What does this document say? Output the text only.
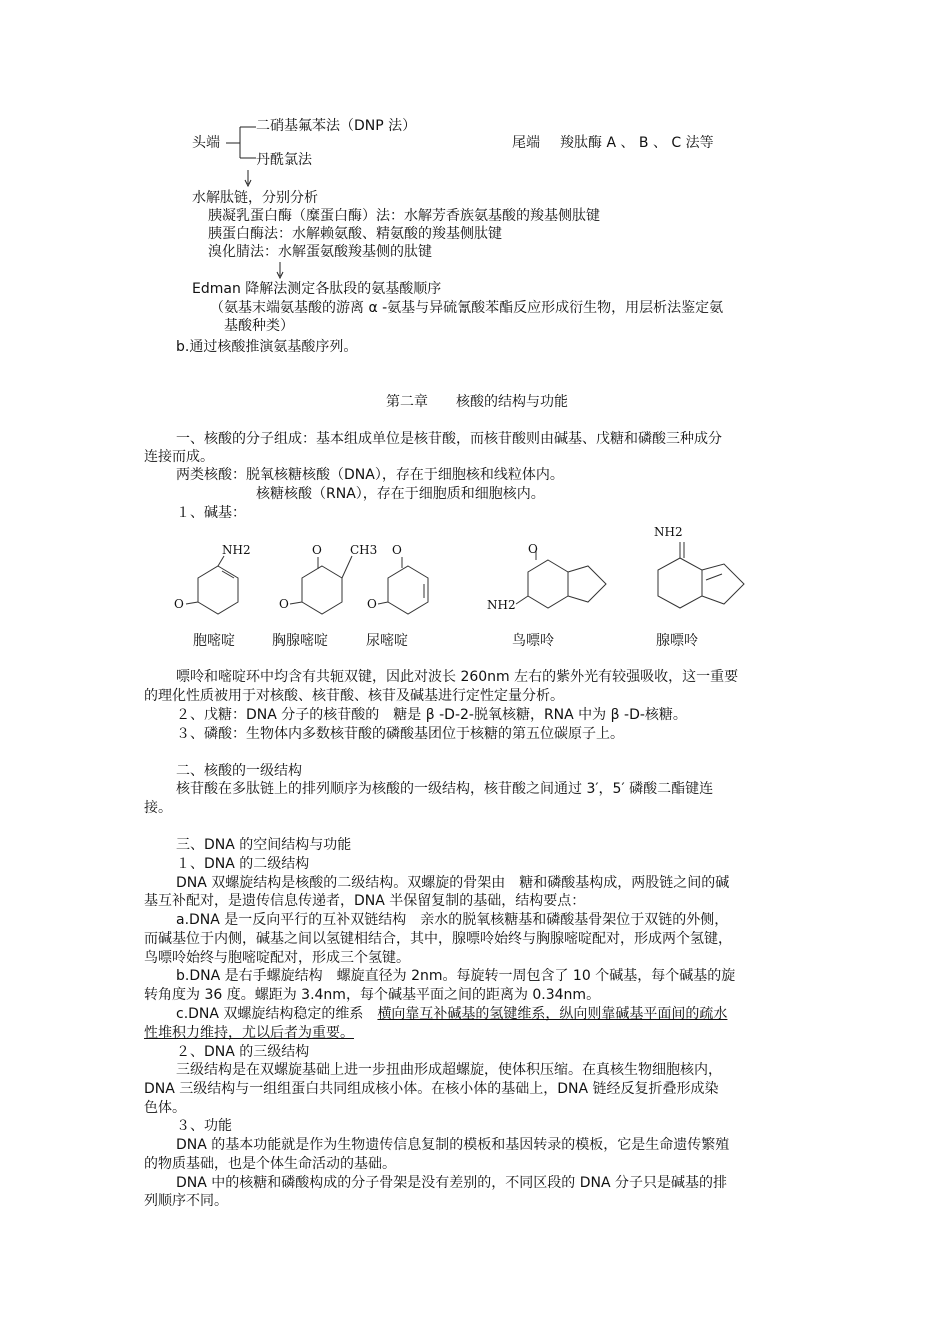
头端
二硝基氟苯法（DNP 法）
丹酰氯法
尾端 羧肽酶 A 、 B 、 C 法等
水解肽链，分别分析
胰凝乳蛋白酶（糜蛋白酶）法：水解芳香族氨基酸的羧基侧肽键
胰蛋白酶法：水解赖氨酸、精氨酸的羧基侧肽键
溴化腈法：水解蛋氨酸羧基侧的肽键
Edman 降解法测定各肽段的氨基酸顺序
（氨基末端氨基酸的游离 α -氨基与异硫氰酸苯酯反应形成衍生物，用层析法鉴定氨
基酸种类）
b.通过核酸推演氨基酸序列。
第二章　　核酸的结构与功能
一、核酸的分子组成：基本组成单位是核苷酸，而核苷酸则由碱基、戊糖和磷酸三种成分
连接而成。
两类核酸：脱氧核糖核酸（DNA），存在于细胞核和线粒体内。
核糖核酸（RNA），存在于细胞质和细胞核内。
１、碱基：
NH2
O
O CH3
O
O
O
O
NH2
NH2
胞嘧啶	胸腺嘧啶	尿嘧啶	鸟嘌呤	腺嘌呤
嘌呤和嘧啶环中均含有共轭双键，因此对波长 260nm 左右的紫外光有较强吸收，这一重要
的理化性质被用于对核酸、核苷酸、核苷及碱基进行定性定量分析。
２、戊糖：DNA 分子的核苷酸的　糖是 β -D-2-脱氧核糖，RNA 中为 β -D-核糖。
３、磷酸：生物体内多数核苷酸的磷酸基团位于核糖的第五位碳原子上。
二、核酸的一级结构
核苷酸在多肽链上的排列顺序为核酸的一级结构，核苷酸之间通过 3′，5′ 磷酸二酯键连
接。
三、DNA 的空间结构与功能
１、DNA 的二级结构
DNA 双螺旋结构是核酸的二级结构。双螺旋的骨架由　糖和磷酸基构成，两股链之间的碱
基互补配对，是遗传信息传递者，DNA 半保留复制的基础，结构要点：
a.DNA 是一反向平行的互补双链结构　亲水的脱氧核糖基和磷酸基骨架位于双链的外侧，
而碱基位于内侧，碱基之间以氢键相结合，其中，腺嘌呤始终与胸腺嘧啶配对，形成两个氢键，
鸟嘌呤始终与胞嘧啶配对，形成三个氢键。
b.DNA 是右手螺旋结构　螺旋直径为 2nm。每旋转一周包含了 10 个碱基，每个碱基的旋
转角度为 36 度。螺距为 3.4nm，每个碱基平面之间的距离为 0.34nm。
c.DNA 双螺旋结构稳定的维系　横向靠互补碱基的氢键维系，纵向则靠碱基平面间的疏水
性堆积力维持，尤以后者为重要。
２、DNA 的三级结构
三级结构是在双螺旋基础上进一步扭曲形成超螺旋，使体积压缩。在真核生物细胞核内，
DNA 三级结构与一组组蛋白共同组成核小体。在核小体的基础上，DNA 链经反复折叠形成染
色体。
３、功能
DNA 的基本功能就是作为生物遗传信息复制的模板和基因转录的模板，它是生命遗传繁殖
的物质基础，也是个体生命活动的基础。
DNA 中的核糖和磷酸构成的分子骨架是没有差别的，不同区段的 DNA 分子只是碱基的排
列顺序不同。
